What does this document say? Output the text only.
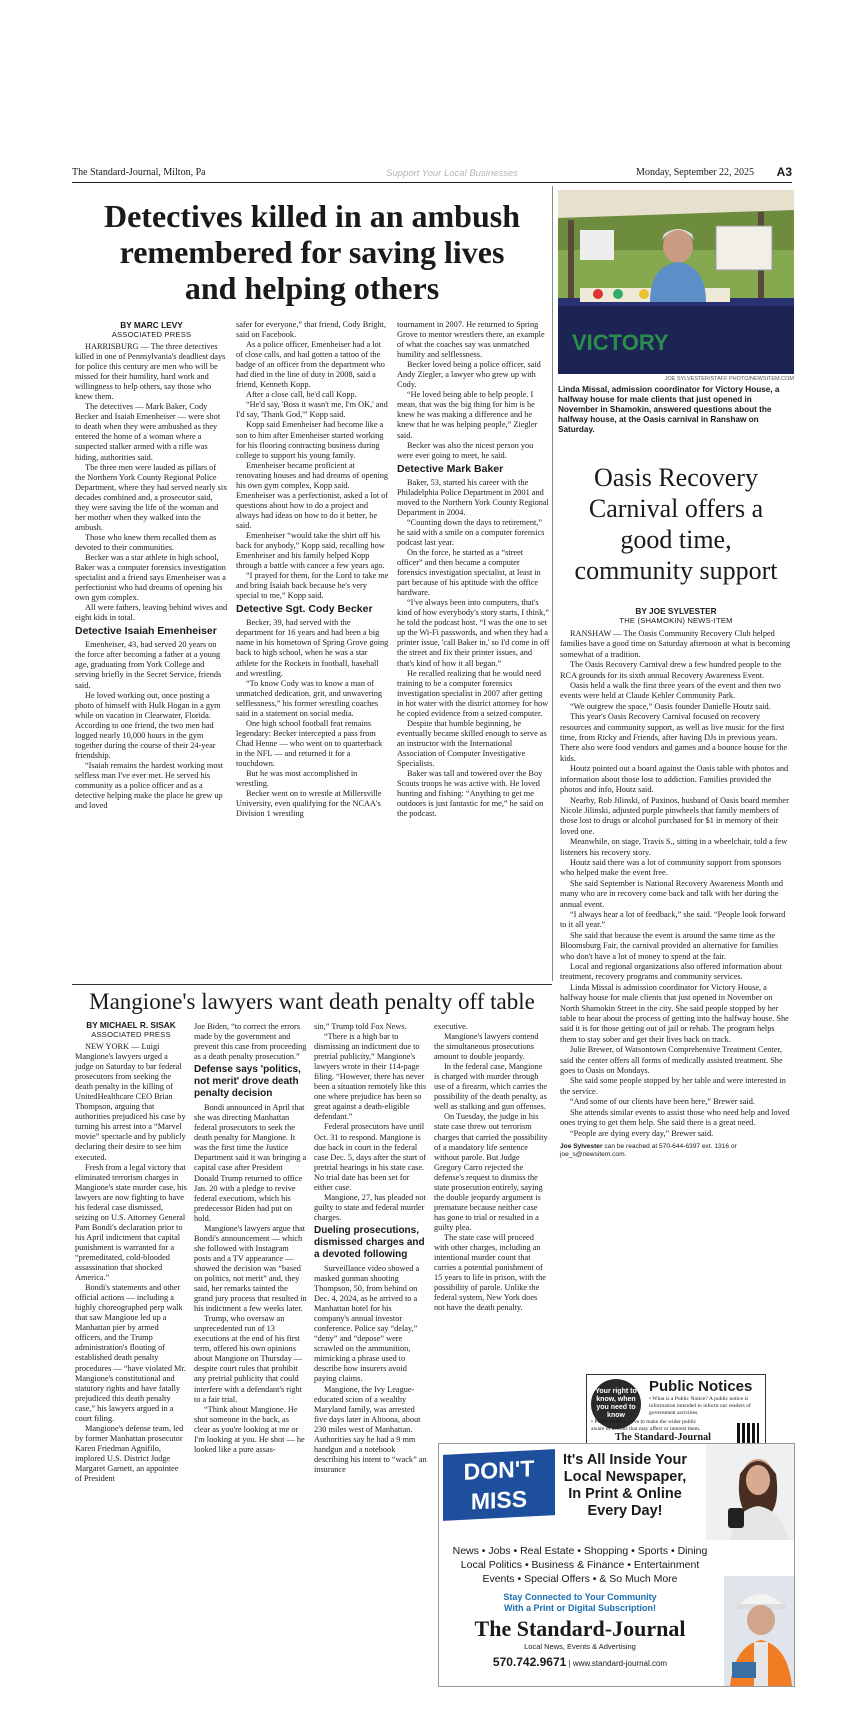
The Standard-Journal, Milton, Pa	Support Your Local Businesses	Monday, September 22, 2025 A3
Detectives killed in an ambush remembered for saving lives and helping others
BY MARC LEVY
ASSOCIATED PRESS

HARRISBURG — The three detectives killed in one of Pennsylvania's deadliest days for police this century are men who will be missed for their humility, hard work and willingness to help others, say those who knew them.

The detectives — Mark Baker, Cody Becker and Isaiah Emenheiser — were shot to death when they were ambushed as they entered the home of a woman where a suspected stalker armed with a rifle was hiding, authorities said.

The three men were lauded as pillars of the Northern York County Regional Police Department, where they had served nearly six decades combined and, a prosecutor said, they were saving the life of the woman and her mother when they walked into the ambush.

Those who knew them recalled them as devoted to their communities.

Becker was a star athlete in high school, Baker was a computer forensics investigation specialist and a friend says Emenheiser was a perfectionist who had dreams of opening his own gym complex.

All were fathers, leaving behind wives and eight kids in total.

Detective Isaiah Emenheiser

Emenheiser, 43, had served 20 years on the force after becoming a father at a young age, graduating from York College and serving briefly in the Secret Service, friends said.

He loved working out, once posting a photo of himself with Hulk Hogan in a gym while on vacation in Clearwater, Florida. According to one friend, the two men had logged nearly 10,000 hours in the gym together during the course of their 24-year friendship.

“Isaiah remains the hardest working most selfless man I've ever met. He served his community as a police officer and as a detective helping make the place he grew up and loved

safer for everyone,” that friend, Cody Bright, said on Facebook.

As a police officer, Emenheiser had a lot of close calls, and had gotten a tattoo of the badge of an officer from the department who had died in the line of duty in 2008, said a friend, Kenneth Kopp.

After a close call, he'd call Kopp.

“He'd say, 'Boss it wasn't me, I'm OK,' and I'd say, 'Thank God,'” Kopp said.

Kopp said Emenheiser had become like a son to him after Emenheiser started working for his flooring contracting business during college to support his young family.

Emenheiser became proficient at renovating houses and had dreams of opening his own gym complex, Kopp said. Emenheiser was a perfectionist, asked a lot of questions about how to do a project and always had ideas on how to do it better, he said.

Emenheiser “would take the shirt off his back for anybody,” Kopp said, recalling how Emenheiser and his family helped Kopp through a battle with cancer a few years ago.

“I prayed for them, for the Lord to take me and bring Isaiah back because he's very special to me,” Kopp said.

Detective Sgt. Cody Becker

Becker, 39, had served with the department for 16 years and had been a big name in his hometown of Spring Grove going back to high school, when he was a star athlete for the Rockets in football, baseball and wrestling.

“To know Cody was to know a man of unmatched dedication, grit, and unwavering selflessness,” his former wrestling coaches said in a statement on social media.

One high school football feat remains legendary: Becker intercepted a pass from Chad Henne — who went on to quarterback in the NFL — and returned it for a touchdown.

But he was most accomplished in wrestling.

Becker went on to wrestle at Millersville University, even qualifying for the NCAA's Division 1 wrestling

tournament in 2007. He returned to Spring Grove to mentor wrestlers there, an example of what the coaches say was unmatched humility and selflessness.

Becker loved being a police officer, said Andy Ziegler, a lawyer who grew up with Cody.

“He loved being able to help people. I mean, that was the big thing for him is he knew he was making a difference and he knew that he was helping people,” Ziegler said.

Becker was also the nicest person you were ever going to meet, he said.

Detective Mark Baker

Baker, 53, started his career with the Philadelphia Police Department in 2001 and moved to the Northern York County Regional Department in 2004.

“Counting down the days to retirement,” he said with a smile on a computer forensics podcast last year.

On the force, he started as a “street officer” and then became a computer forensics investigation specialist, at least in part because of his aptitude with the office hardware.

“I've always been into computers, that's kind of how everybody's story starts, I think,” he told the podcast host. “I was the one to set up the Wi-Fi passwords, and when they had a printer issue, 'call Baker in,' so I'd come in off the street and fix their printer issues, and that's kind of how it all began.”

He recalled realizing that he would need training to be a computer forensics investigation specialist in 2007 after getting in hot water with the district attorney for how he copied evidence from a seized computer.

Despite that humble beginning, he eventually became skilled enough to serve as an instructor with the International Association of Computer Investigative Specialists.

Baker was tall and towered over the Boy Scouts troops he was active with. He loved hunting and fishing: “Anything to get me outdoors is just fantastic for me,” he said on the podcast.

VICTORY
JOE SYLVESTER/STAFF PHOTO/NEWSITEM.COM
Linda Missal, admission coordinator for Victory House, a halfway house for male clients that just opened in November in Shamokin, answered questions about the halfway house, at the Oasis carnival in Ranshaw on Saturday.
Oasis Recovery Carnival offers a good time, community support
BY JOE SYLVESTER
THE (SHAMOKIN) NEWS-ITEM

RANSHAW — The Oasis Community Recovery Club helped families have a good time on Saturday afternoon at what is becoming somewhat of a tradition.

The Oasis Recovery Carnival drew a few hundred people to the RCA grounds for its sixth annual Recovery Awareness Event.

Oasis held a walk the first three years of the event and then two events were held at Claude Kehler Community Park.

“We outgrew the space,” Oasis founder Danielle Houtz said.

This year's Oasis Recovery Carnival focused on recovery resources and community support, as well as live music for the first time, from Ricky and Friends, after having DJs in previous years. There also were food vendors and games and a bounce house for the kids.

Houtz pointed out a board against the Oasis table with photos and information about those lost to addiction. Families provided the photos and info, Houtz said.

Nearby, Rob Jilinski, of Paxinos, husband of Oasis board member Nicole Jilinski, adjusted purple pinwheels that family members of those lost to drugs or alcohol purchased for $1 in memory of their loved one.

Meanwhile, on stage, Travis S., sitting in a wheelchair, told a few listeners his recovery story.

Houtz said there was a lot of community support from sponsors who helped make the event free.

She said September is National Recovery Awareness Month and many who are in recovery come back and talk with her during the annual event.

“I always hear a lot of feedback,” she said. “People look forward to it all year.”

She said that because the event is around the same time as the Bloomsburg Fair, the carnival provided an alternative for families who don't have a lot of money to spend at the fair.

Local and regional organizations also offered information about treatment, recovery programs and community services.

Linda Missal is admission coordinator for Victory House, a halfway house for male clients that just opened in November on North Shamokin Street in the city. She said people stopped by her table to hear about the process of getting into the halfway house. She said it is for those getting out of jail or rehab. The program helps them to stay sober and get their lives back on track.

Julie Brewer, of Watsontown Comprehensive Treatment Center, said the center offers all forms of medically assisted treatment. She goes to Oasis on Mondays.

She said some people stopped by her table and were interested in the service.

“And some of our clients have been here,” Brewer said.

She attends similar events to assist those who need help and loved ones trying to get them help. She said there is a great need.

“People are dying every day,” Brewer said.

Joe Sylvester can be reached at 570-644-6397 ext. 1316 or joe_s@newsitem.com.
Mangione's lawyers want death penalty off table
BY MICHAEL R. SISAK
ASSOCIATED PRESS

NEW YORK — Luigi Mangione's lawyers urged a judge on Saturday to bar federal prosecutors from seeking the death penalty in the killing of UnitedHealthcare CEO Brian Thompson, arguing that authorities prejudiced his case by turning his arrest into a “Marvel movie” spectacle and by publicly declaring their desire to see him executed.

Fresh from a legal victory that eliminated terrorism charges in Mangione's state murder case, his lawyers are now fighting to have his federal case dismissed, seizing on U.S. Attorney General Pam Bondi's declaration prior to his April indictment that capital punishment is warranted for a “premeditated, cold-blooded assassination that shocked America.”

Bondi's statements and other official actions — including a highly choreographed perp walk that saw Mangione led up a Manhattan pier by armed officers, and the Trump administration's flouting of established death penalty procedures — “have violated Mr. Mangione's constitutional and statutory rights and have fatally prejudiced this death penalty case,” his lawyers argued in a court filing.

Mangione's defense team, led by former Manhattan prosecutor Karen Friedman Agnifilo, implored U.S. District Judge Margaret Garnett, an appointee of President

Joe Biden, “to correct the errors made by the government and prevent this case from proceeding as a death penalty prosecution.”

Defense says 'politics, not merit' drove death penalty decision

Bondi announced in April that she was directing Manhattan federal prosecutors to seek the death penalty for Mangione. It was the first time the Justice Department said it was bringing a capital case after President Donald Trump returned to office Jan. 20 with a pledge to revive federal executions, which his predecessor Biden had put on hold.

Mangione's lawyers argue that Bondi's announcement — which she followed with Instagram posts and a TV appearance — showed the decision was “based on politics, not merit” and, they said, her remarks tainted the grand jury process that resulted in his indictment a few weeks later.

Trump, who oversaw an unprecedented run of 13 executions at the end of his first term, offered his own opinions about Mangione on Thursday — despite court rules that prohibit any pretrial publicity that could interfere with a defendant's right to a fair trial.

“Think about Mangione. He shot someone in the back, as clear as you're looking at me or I'm looking at you. He shot — he looked like a pure assas-

sin,” Trump told Fox News.

“There is a high bar to dismissing an indictment due to pretrial publicity,” Mangione's lawyers wrote in their 114-page filing. “However, there has never been a situation remotely like this one where prejudice has been so great against a death-eligible defendant.”

Federal prosecutors have until Oct. 31 to respond. Mangione is due back in court in the federal case Dec. 5, days after the start of pretrial hearings in his state case. No trial date has been set for either case.

Mangione, 27, has pleaded not guilty to state and federal murder charges.

Dueling prosecutions, dismissed charges and a devoted following

Surveillance video showed a masked gunman shooting Thompson, 50, from behind on Dec. 4, 2024, as he arrived to a Manhattan hotel for his company's annual investor conference. Police say “delay,” “deny” and “depose” were scrawled on the ammunition, mimicking a phrase used to describe how insurers avoid paying claims.

Mangione, the Ivy League-educated scion of a wealthy Maryland family, was arrested five days later in Altoona, about 230 miles west of Manhattan. Authorities say he had a 9 mm handgun and a notebook describing his intent to “wack” an insurance

executive.

Mangione's lawyers contend the simultaneous prosecutions amount to double jeopardy.

In the federal case, Mangione is charged with murder through use of a firearm, which carries the possibility of the death penalty, as well as stalking and gun offenses.

On Tuesday, the judge in his state case threw out terrorism charges that carried the possibility of a mandatory life sentence without parole. But Judge Gregory Carro rejected the defense's request to dismiss the state prosecution entirely, saying the double jeopardy argument is premature because neither case has gone to trial or resulted in a guilty plea.

The state case will proceed with other charges, including an intentional murder count that carries a potential punishment of 15 years to life in prison, with the possibility of parole. Unlike the federal system, New York does not have the death penalty.

Your right to know, when you need to know
Public Notices
• What is a Public Notice? A public notice is information intended to inform our readers of government activities.
• Public notices serve to make the wider public aware of actions that may affect or interest them.
The Standard-Journal
DON'T MISS
A THING
It's All Inside Your
Local Newspaper,
In Print & Online
Every Day!
News • Jobs • Real Estate • Shopping • Sports • Dining
Local Politics • Business & Finance • Entertainment
Events • Special Offers • & So Much More
Stay Connected to Your Community
With a Print or Digital Subscription!
The Standard-Journal
Local News, Events & Advertising
570.742.9671 | www.standard-journal.com
